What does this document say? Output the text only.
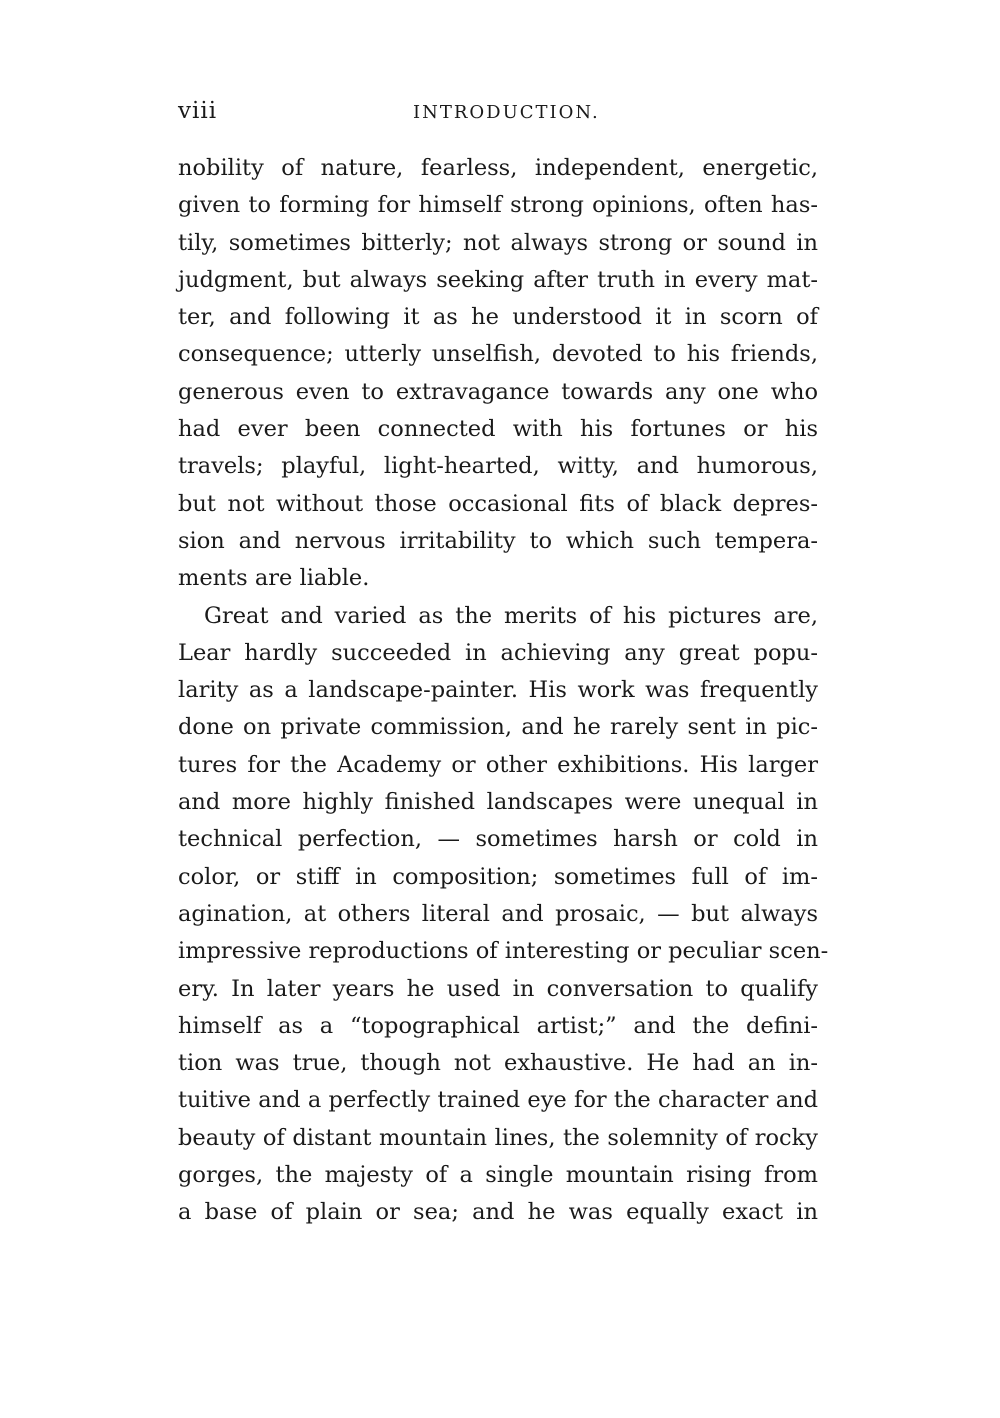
viii	INTRODUCTION.
nobility of nature, fearless, independent, energetic,
given to forming for himself strong opinions, often has-
tily, sometimes bitterly; not always strong or sound in
judgment, but always seeking after truth in every mat-
ter, and following it as he understood it in scorn of
consequence; utterly unselfish, devoted to his friends,
generous even to extravagance towards any one who
had ever been connected with his fortunes or his
travels; playful, light-hearted, witty, and humorous,
but not without those occasional fits of black depres-
sion and nervous irritability to which such tempera-
ments are liable.
Great and varied as the merits of his pictures are,
Lear hardly succeeded in achieving any great popu-
larity as a landscape-painter. His work was frequently
done on private commission, and he rarely sent in pic-
tures for the Academy or other exhibitions. His larger
and more highly finished landscapes were unequal in
technical perfection, — sometimes harsh or cold in
color, or stiff in composition; sometimes full of im-
agination, at others literal and prosaic, — but always
impressive reproductions of interesting or peculiar scen-
ery. In later years he used in conversation to qualify
himself as a “topographical artist;” and the defini-
tion was true, though not exhaustive. He had an in-
tuitive and a perfectly trained eye for the character and
beauty of distant mountain lines, the solemnity of rocky
gorges, the majesty of a single mountain rising from
a base of plain or sea; and he was equally exact in
